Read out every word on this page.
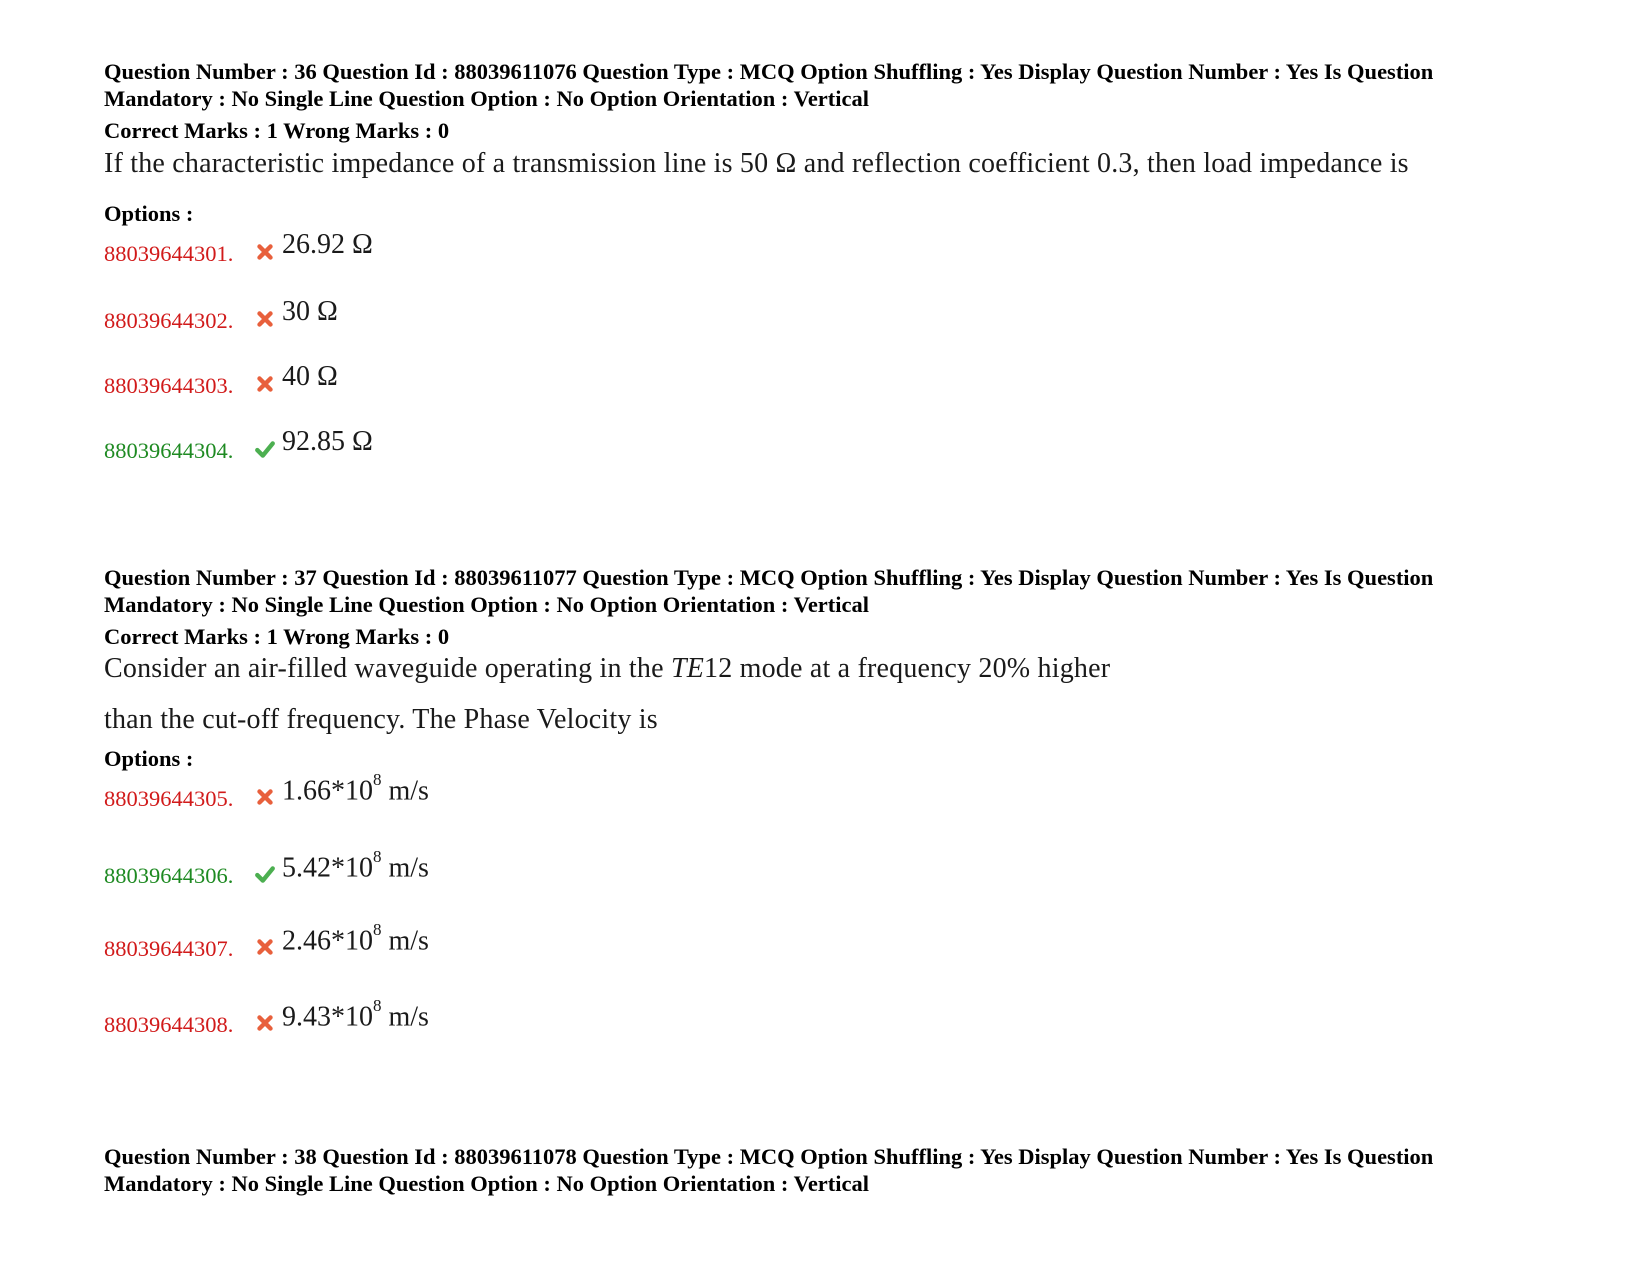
Question Number : 36 Question Id : 88039611076 Question Type : MCQ Option Shuffling : Yes Display Question Number : Yes Is Question
Mandatory : No Single Line Question Option : No Option Orientation : Vertical

Correct Marks : 1 Wrong Marks : 0
If the characteristic impedance of a transmission line is 50 Ω and reflection coefficient 0.3, then load impedance is
Options :
88039644301. 26.92 Ω
88039644302. 30 Ω
88039644303. 40 Ω
88039644304. 92.85 Ω

Question Number : 37 Question Id : 88039611077 Question Type : MCQ Option Shuffling : Yes Display Question Number : Yes Is Question
Mandatory : No Single Line Question Option : No Option Orientation : Vertical

Correct Marks : 1 Wrong Marks : 0
Consider an air-filled waveguide operating in the TE12 mode at a frequency 20% higher
than the cut-off frequency. The Phase Velocity is
Options :
88039644305. $1.66*10^8$ m/s
88039644306. $5.42*10^8$ m/s
88039644307. $2.46*10^8$ m/s
88039644308. $9.43*10^8$ m/s

Question Number : 38 Question Id : 88039611078 Question Type : MCQ Option Shuffling : Yes Display Question Number : Yes Is Question
Mandatory : No Single Line Question Option : No Option Orientation : Vertical
